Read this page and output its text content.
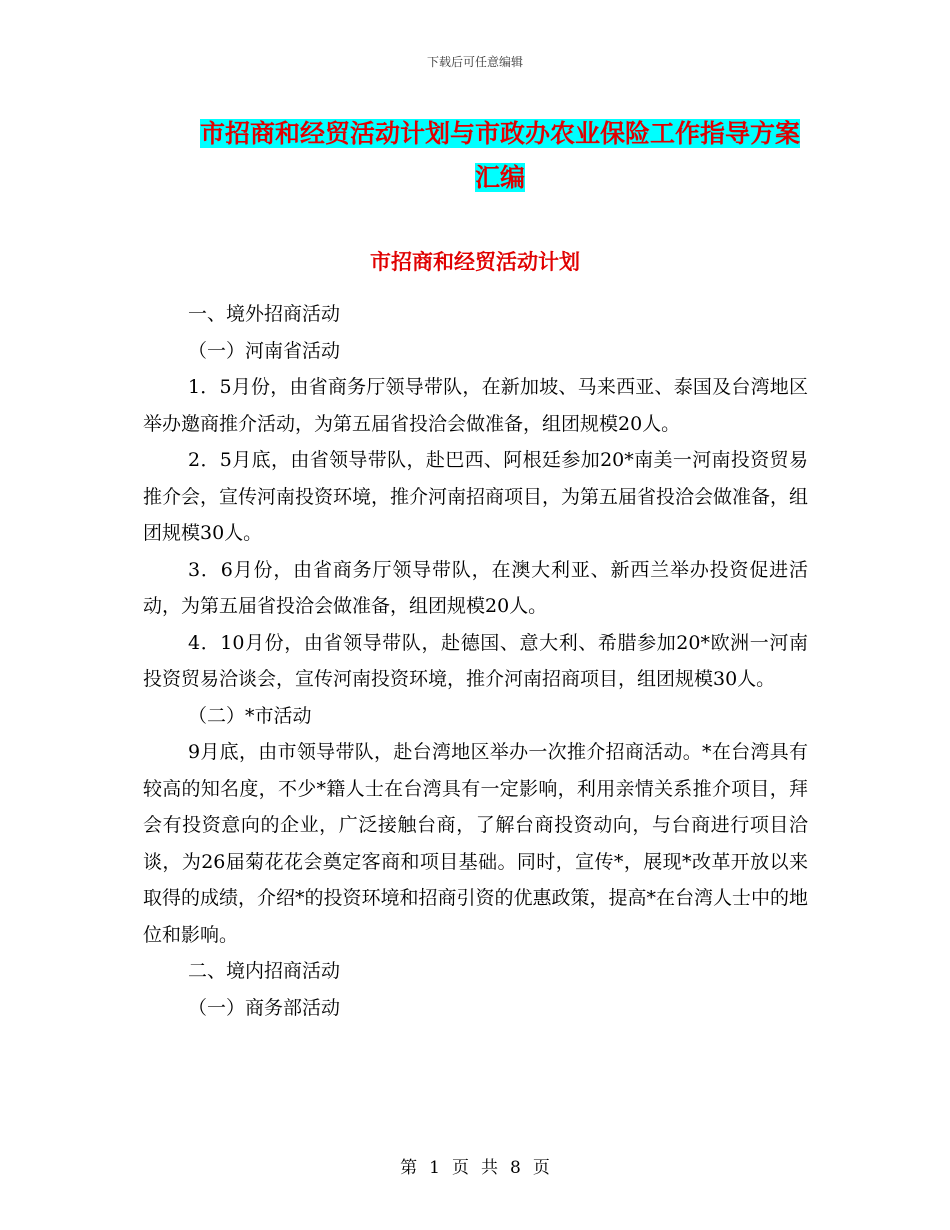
下载后可任意编辑
市招商和经贸活动计划与市政办农业保险工作指导方案汇编
市招商和经贸活动计划

一、境外招商活动

（一）河南省活动

1．5月份，由省商务厅领导带队，在新加坡、马来西亚、泰国及台湾地区举办邀商推介活动，为第五届省投洽会做准备，组团规模20人。

2．5月底，由省领导带队，赴巴西、阿根廷参加20*南美一河南投资贸易推介会，宣传河南投资环境，推介河南招商项目，为第五届省投洽会做准备，组团规模30人。

3．6月份，由省商务厅领导带队，在澳大利亚、新西兰举办投资促进活动，为第五届省投洽会做准备，组团规模20人。

4．10月份，由省领导带队，赴德国、意大利、希腊参加20*欧洲一河南投资贸易洽谈会，宣传河南投资环境，推介河南招商项目，组团规模30人。

（二）*市活动

9月底，由市领导带队，赴台湾地区举办一次推介招商活动。*在台湾具有较高的知名度，不少*籍人士在台湾具有一定影响，利用亲情关系推介项目，拜会有投资意向的企业，广泛接触台商，了解台商投资动向，与台商进行项目洽谈，为26届菊花花会奠定客商和项目基础。同时，宣传*，展现*改革开放以来取得的成绩，介绍*的投资环境和招商引资的优惠政策，提高*在台湾人士中的地位和影响。

二、境内招商活动

（一）商务部活动

第 1 页 共 8 页
